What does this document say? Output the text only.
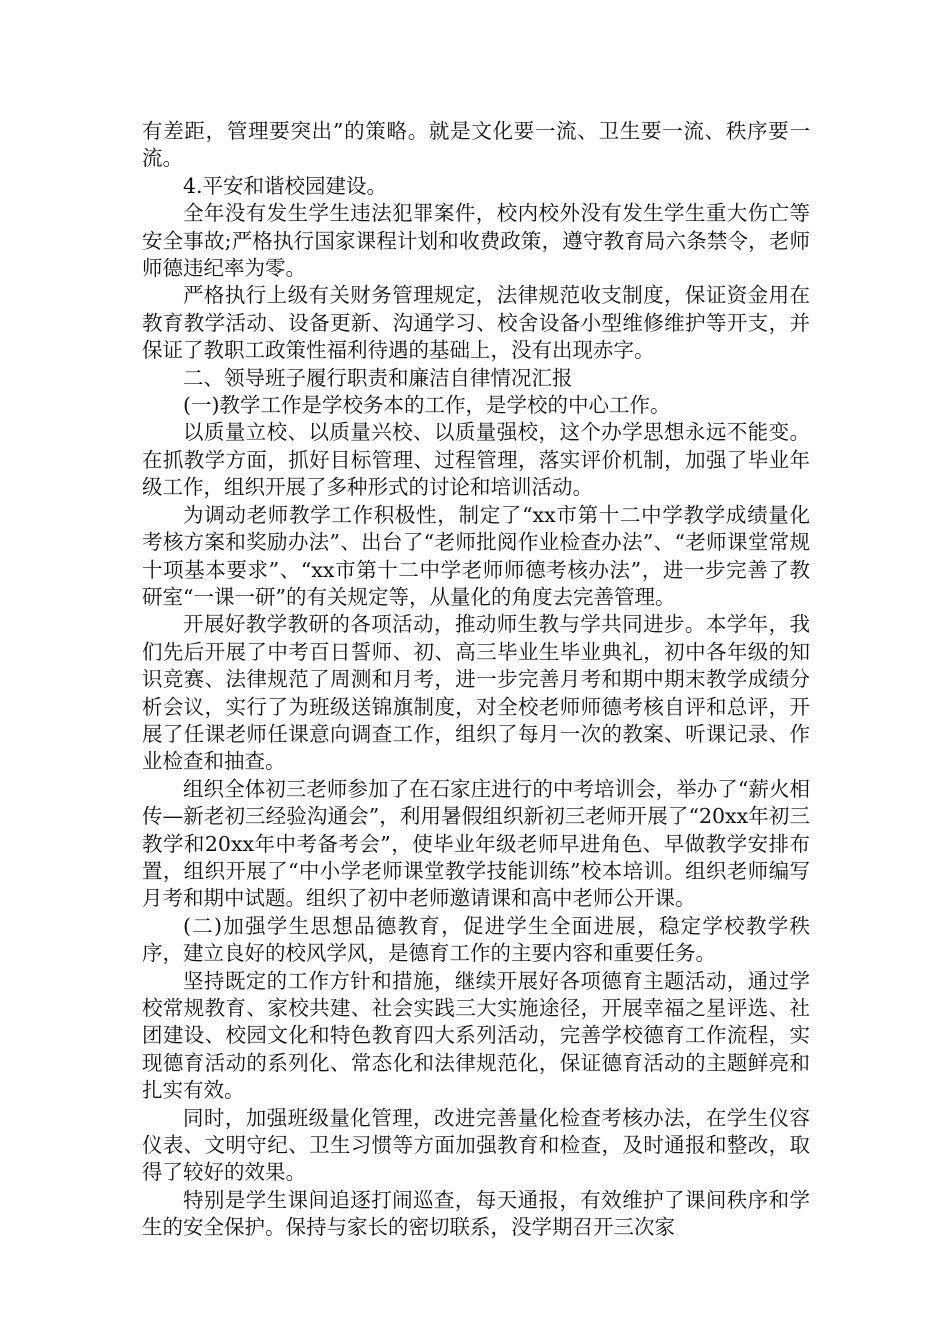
有差距，管理要突出”的策略。就是文化要一流、卫生要一流、秩序要一流。

4.平安和谐校园建设。

全年没有发生学生违法犯罪案件，校内校外没有发生学生重大伤亡等安全事故;严格执行国家课程计划和收费政策，遵守教育局六条禁令，老师师德违纪率为零。

严格执行上级有关财务管理规定，法律规范收支制度，保证资金用在教育教学活动、设备更新、沟通学习、校舍设备小型维修维护等开支，并保证了教职工政策性福利待遇的基础上，没有出现赤字。

二、领导班子履行职责和廉洁自律情况汇报

(一)教学工作是学校务本的工作，是学校的中心工作。

以质量立校、以质量兴校、以质量强校，这个办学思想永远不能变。在抓教学方面，抓好目标管理、过程管理，落实评价机制，加强了毕业年级工作，组织开展了多种形式的讨论和培训活动。

为调动老师教学工作积极性，制定了“xx市第十二中学教学成绩量化考核方案和奖励办法”、出台了“老师批阅作业检查办法”、“老师课堂常规十项基本要求”、“xx市第十二中学老师师德考核办法”，进一步完善了教研室“一课一研”的有关规定等，从量化的角度去完善管理。

开展好教学教研的各项活动，推动师生教与学共同进步。本学年，我们先后开展了中考百日誓师、初、高三毕业生毕业典礼，初中各年级的知识竞赛、法律规范了周测和月考，进一步完善月考和期中期末教学成绩分析会议，实行了为班级送锦旗制度，对全校老师师德考核自评和总评，开展了任课老师任课意向调查工作，组织了每月一次的教案、听课记录、作业检查和抽查。

组织全体初三老师参加了在石家庄进行的中考培训会，举办了“薪火相传—新老初三经验沟通会”，利用暑假组织新初三老师开展了“20xx年初三教学和20xx年中考备考会”，使毕业年级老师早进角色、早做教学安排布置，组织开展了“中小学老师课堂教学技能训练”校本培训。组织老师编写月考和期中试题。组织了初中老师邀请课和高中老师公开课。

(二)加强学生思想品德教育，促进学生全面进展，稳定学校教学秩序，建立良好的校风学风，是德育工作的主要内容和重要任务。

坚持既定的工作方针和措施，继续开展好各项德育主题活动，通过学校常规教育、家校共建、社会实践三大实施途径，开展幸福之星评选、社团建设、校园文化和特色教育四大系列活动，完善学校德育工作流程，实现德育活动的系列化、常态化和法律规范化，保证德育活动的主题鲜亮和扎实有效。

同时，加强班级量化管理，改进完善量化检查考核办法，在学生仪容仪表、文明守纪、卫生习惯等方面加强教育和检查，及时通报和整改，取得了较好的效果。

特别是学生课间追逐打闹巡查，每天通报，有效维护了课间秩序和学生的安全保护。保持与家长的密切联系，没学期召开三次家
